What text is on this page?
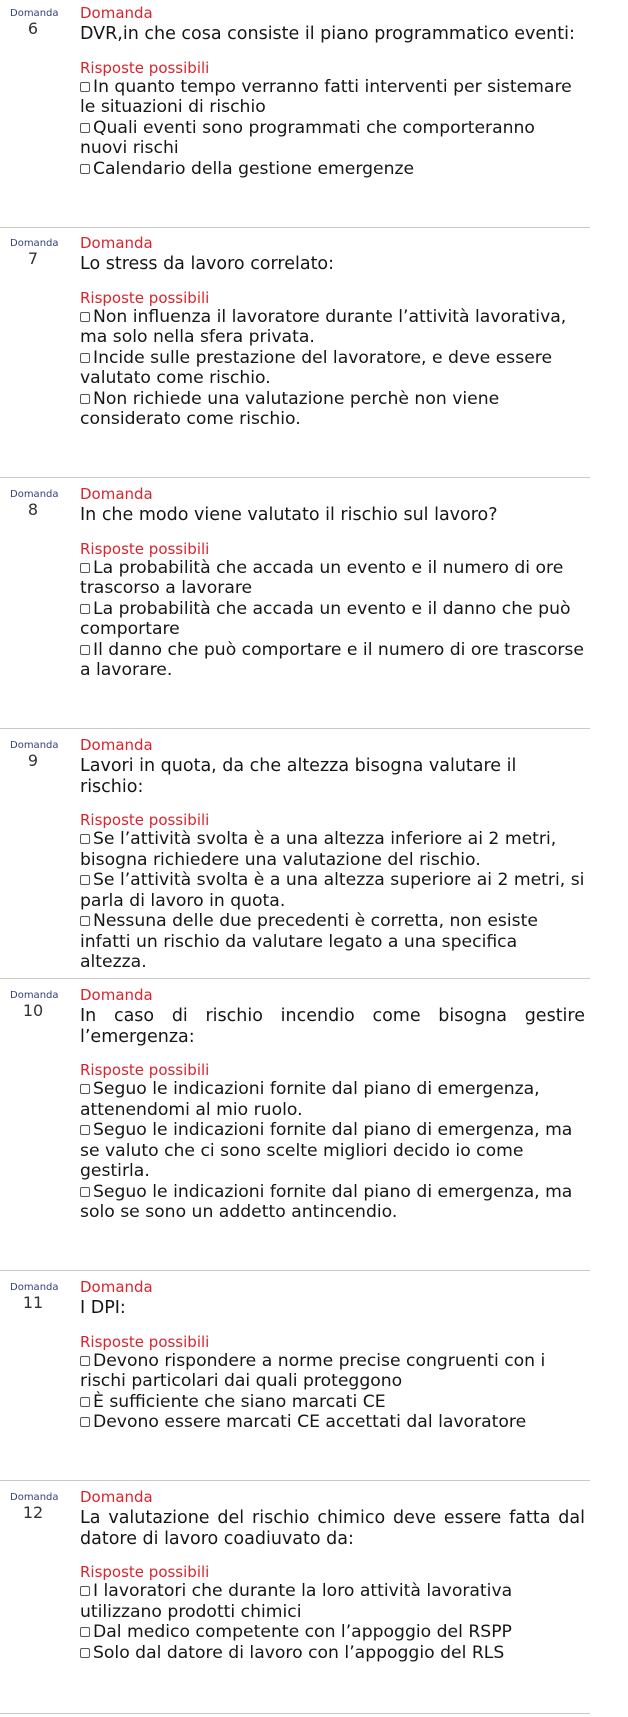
Domanda
6
Domanda
DVR,in che cosa consiste il piano programmatico eventi:
Risposte possibili
In quanto tempo verranno fatti interventi per sistemare le situazioni di rischio
Quali eventi sono programmati che comporteranno nuovi rischi
Calendario della gestione emergenze
Domanda
7
Domanda
Lo stress da lavoro correlato:
Risposte possibili
Non influenza il lavoratore durante l’attività lavorativa, ma solo nella sfera privata.
Incide sulle prestazione del lavoratore, e deve essere valutato come rischio.
Non richiede una valutazione perchè non viene considerato come rischio.
Domanda
8
Domanda
In che modo viene valutato il rischio sul lavoro?
Risposte possibili
La probabilità che accada un evento e il numero di ore trascorso a lavorare
La probabilità che accada un evento e il danno che può comportare
Il danno che può comportare e il numero di ore trascorse a lavorare.
Domanda
9
Domanda
Lavori in quota, da che altezza bisogna valutare il rischio:
Risposte possibili
Se l’attività svolta è a una altezza inferiore ai 2 metri, bisogna richiedere una valutazione del rischio.
Se l’attività svolta è a una altezza superiore ai 2 metri, si parla di lavoro in quota.
Nessuna delle due precedenti è corretta, non esiste infatti un rischio da valutare legato a una specifica altezza.
Domanda
10
Domanda
In caso di rischio incendio come bisogna gestire l’emergenza:
Risposte possibili
Seguo le indicazioni fornite dal piano di emergenza, attenendomi al mio ruolo.
Seguo le indicazioni fornite dal piano di emergenza, ma se valuto che ci sono scelte migliori decido io come gestirla.
Seguo le indicazioni fornite dal piano di emergenza, ma solo se sono un addetto antincendio.
Domanda
11
Domanda
I DPI:
Risposte possibili
Devono rispondere a norme precise congruenti con i rischi particolari dai quali proteggono
È sufficiente che siano marcati CE
Devono essere marcati CE accettati dal lavoratore
Domanda
12
Domanda
La valutazione del rischio chimico deve essere fatta dal datore di lavoro coadiuvato da:
Risposte possibili
I lavoratori che durante la loro attività lavorativa utilizzano prodotti chimici
Dal medico competente con l’appoggio del RSPP
Solo dal datore di lavoro con l’appoggio del RLS
